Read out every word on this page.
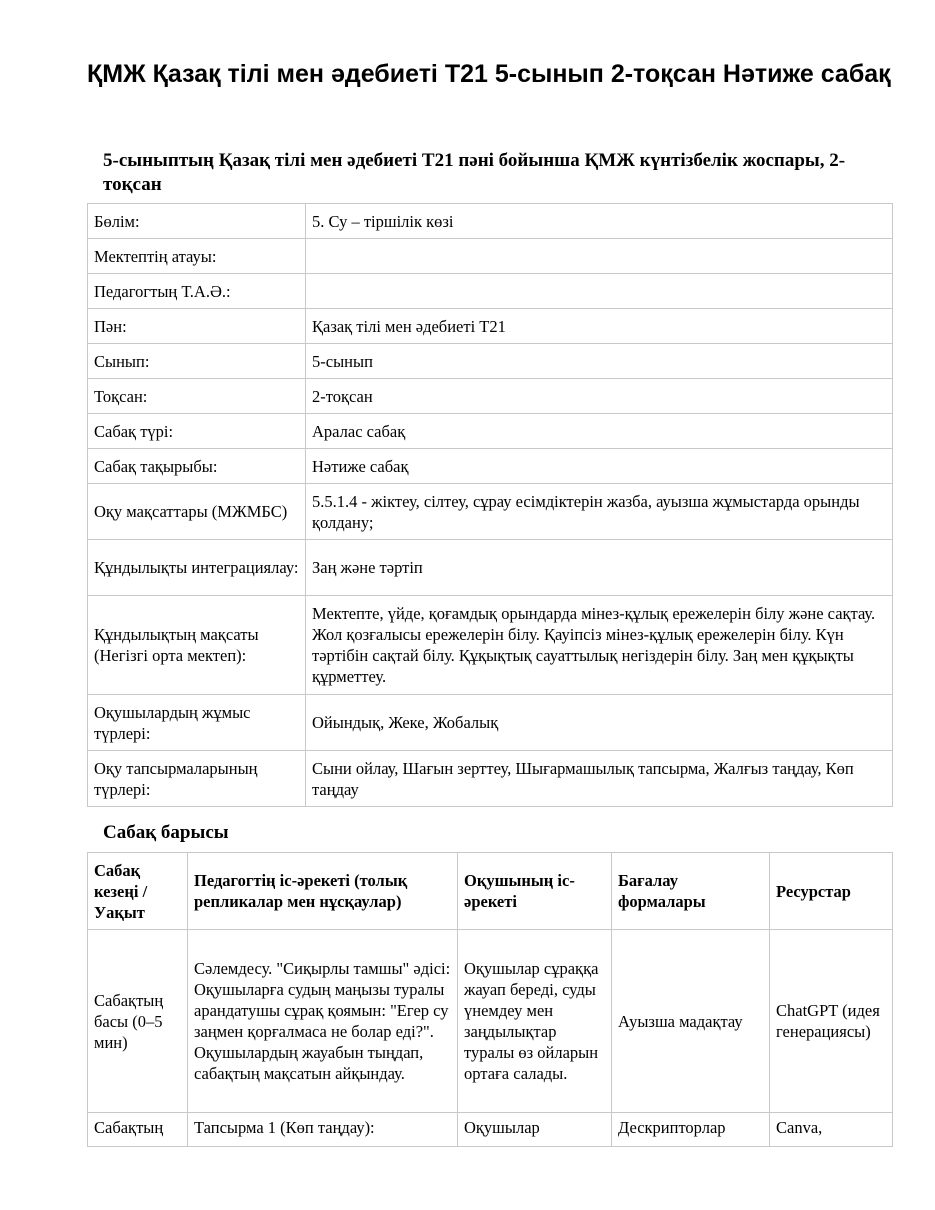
ҚМЖ Қазақ тілі мен әдебиеті Т21 5-сынып 2-тоқсан Нәтиже сабақ
5-сыныптың Қазақ тілі мен әдебиеті Т21 пәні бойынша ҚМЖ күнтізбелік жоспары, 2-тоқсан
Бөлім:	5. Су – тіршілік көзі
Мектептің атауы:	
Педагогтың Т.А.Ә.:	
Пән:	Қазақ тілі мен әдебиеті Т21
Сынып:	5-сынып
Тоқсан:	2-тоқсан
Сабақ түрі:	Аралас сабақ
Сабақ тақырыбы:	Нәтиже сабақ
Оқу мақсаттары (МЖМБС)	5.5.1.4 - жіктеу, сілтеу, сұрау есімдіктерін жазба, ауызша жұмыстарда орынды қолдану;
Құндылықты интеграциялау:	Заң және тәртіп
Құндылықтың мақсаты (Негізгі орта мектеп):	Мектепте, үйде, қоғамдық орындарда мінез-құлық ережелерін білу және сақтау. Жол қозғалысы ережелерін білу. Қауіпсіз мінез-құлық ережелерін білу. Күн тәртібін сақтай білу. Құқықтық сауаттылық негіздерін білу. Заң мен құқықты құрметтеу.
Оқушылардың жұмыс түрлері:	Ойындық, Жеке, Жобалық
Оқу тапсырмаларының түрлері:	Сыни ойлау, Шағын зерттеу, Шығармашылық тапсырма, Жалғыз таңдау, Көп таңдау
Сабақ барысы
Сабақ кезеңі / Уақыт	Педагогтің іс-әрекеті (толық репликалар мен нұсқаулар)	Оқушының іс-әрекеті	Бағалау формалары	Ресурстар
Сабақтың басы (0–5 мин)	Сәлемдесу. "Сиқырлы тамшы" әдісі: Оқушыларға судың маңызы туралы арандатушы сұрақ қоямын: "Егер су заңмен қорғалмаса не болар еді?". Оқушылардың жауабын тыңдап, сабақтың мақсатын айқындау.	Оқушылар сұраққа жауап береді, суды үнемдеу мен заңдылықтар туралы өз ойларын ортаға салады.	Ауызша мадақтау	ChatGPT (идея генерациясы)
Сабақтың	Тапсырма 1 (Көп таңдау):	Оқушылар	Дескрипторлар	Canva,
